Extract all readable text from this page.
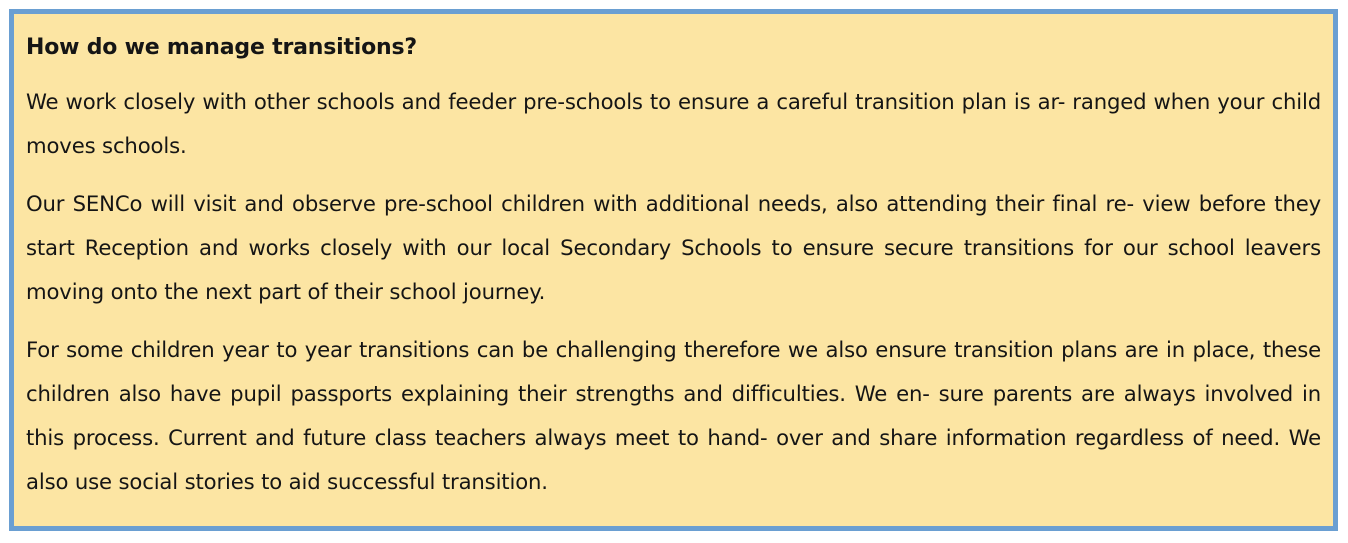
How do we manage transitions?
We work closely with other schools and feeder pre-schools to ensure a careful transition plan is ar- ranged when your child moves schools.
Our SENCo will visit and observe pre-school children with additional needs, also attending their final re- view before they start Reception and works closely with our local Secondary Schools to ensure secure transitions for our school leavers moving onto the next part of their school journey.
For some children year to year transitions can be challenging therefore we also ensure transition plans are in place, these children also have pupil passports explaining their strengths and difficulties. We en- sure parents are always involved in this process. Current and future class teachers always meet to hand- over and share information regardless of need. We also use social stories to aid successful transition.
